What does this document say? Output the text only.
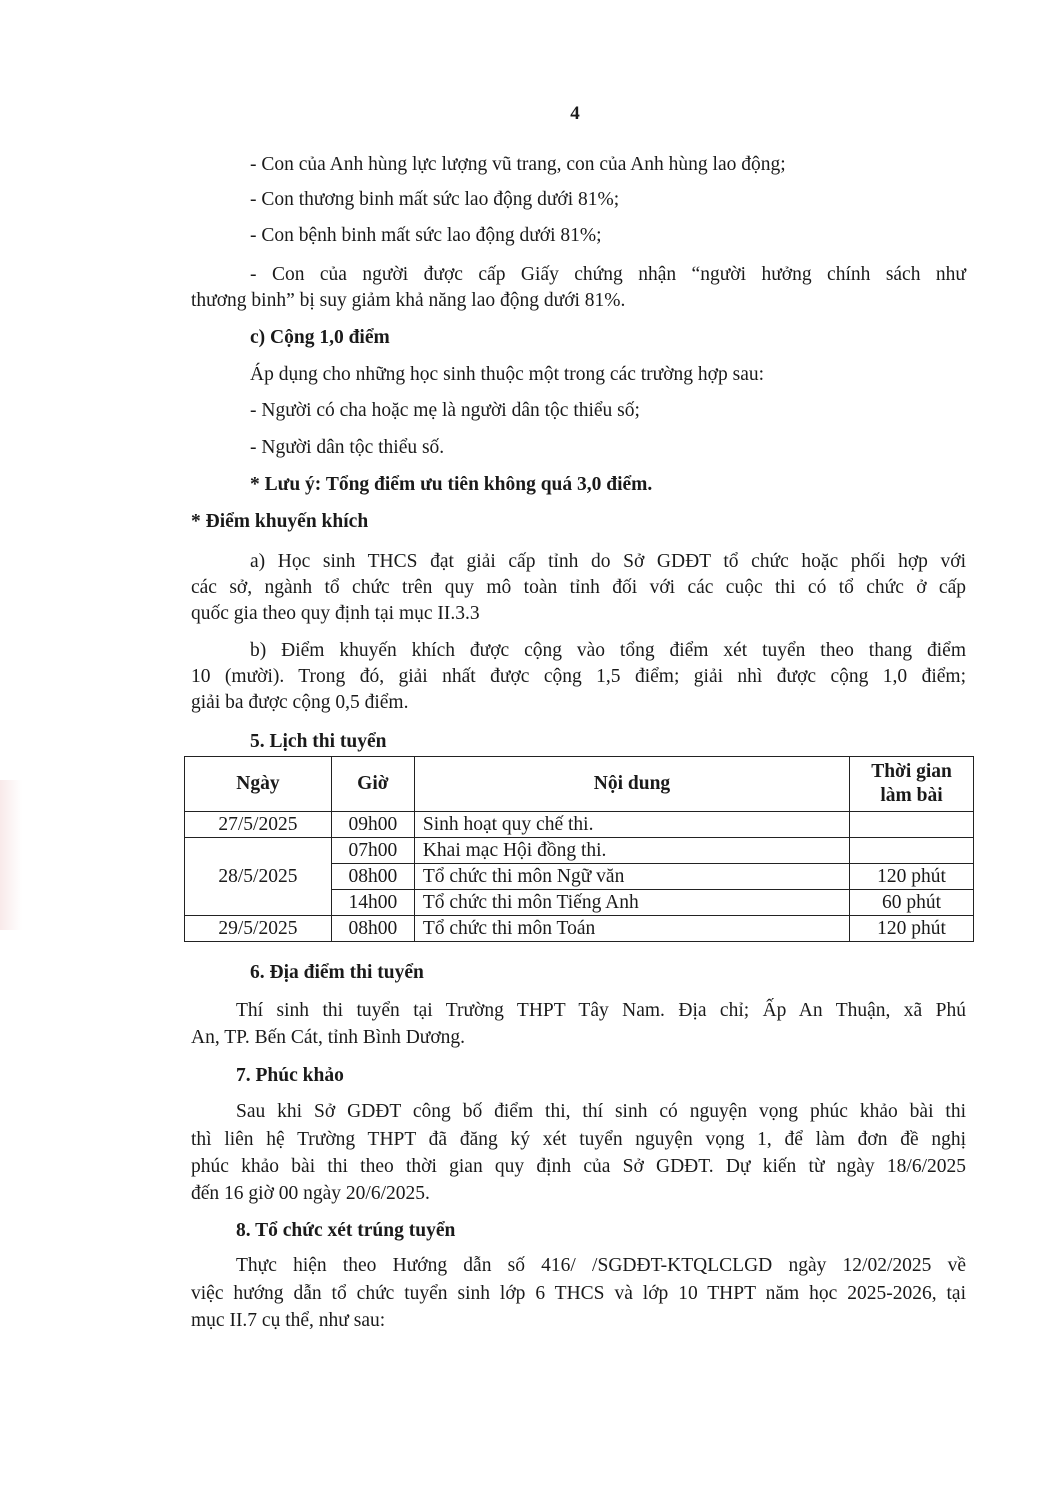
4
- Con của Anh hùng lực lượng vũ trang, con của Anh hùng lao động;
- Con thương binh mất sức lao động dưới 81%;
- Con bệnh binh mất sức lao động dưới 81%;
- Con của người được cấp Giấy chứng nhận “người hưởng chính sách như
thương binh” bị suy giảm khả năng lao động dưới 81%.
c) Cộng 1,0 điểm
Áp dụng cho những học sinh thuộc một trong các trường hợp sau:
- Người có cha hoặc mẹ là người dân tộc thiểu số;
- Người dân tộc thiểu số.
* Lưu ý: Tổng điểm ưu tiên không quá 3,0 điểm.
* Điểm khuyến khích
a) Học sinh THCS đạt giải cấp tỉnh do Sở GDĐT tổ chức hoặc phối hợp với
các sở, ngành tổ chức trên quy mô toàn tỉnh đối với các cuộc thi có tổ chức ở cấp
quốc gia theo quy định tại mục II.3.3
b) Điểm khuyến khích được cộng vào tổng điểm xét tuyển theo thang điểm
10 (mười). Trong đó, giải nhất được cộng 1,5 điểm; giải nhì được cộng 1,0 điểm;
giải ba được cộng 0,5 điểm.
5. Lịch thi tuyển
Ngày	Giờ	Nội dung	Thời gian
làm bài
27/5/2025	09h00	Sinh hoạt quy chế thi.	
28/5/2025	07h00	Khai mạc Hội đồng thi.	
	08h00	Tổ chức thi môn Ngữ văn	120 phút
	14h00	Tổ chức thi môn Tiếng Anh	60 phút
29/5/2025	08h00	Tổ chức thi môn Toán	120 phút
6. Địa điểm thi tuyển
Thí sinh thi tuyển tại Trường THPT Tây Nam. Địa chỉ; Ấp An Thuận, xã Phú
An, TP. Bến Cát, tỉnh Bình Dương.
7. Phúc khảo
Sau khi Sở GDĐT công bố điểm thi, thí sinh có nguyện vọng phúc khảo bài thi
thì liên hệ Trường THPT đã đăng ký xét tuyển nguyện vọng 1, để làm đơn đề nghị
phúc khảo bài thi theo thời gian quy định của Sở GDĐT. Dự kiến từ ngày 18/6/2025
đến 16 giờ 00 ngày 20/6/2025.
8. Tổ chức xét trúng tuyển
Thực hiện theo Hướng dẫn số 416/ /SGDĐT-KTQLCLGD ngày 12/02/2025 về
việc hướng dẫn tổ chức tuyển sinh lớp 6 THCS và lớp 10 THPT năm học 2025-2026, tại
mục II.7 cụ thể, như sau:
